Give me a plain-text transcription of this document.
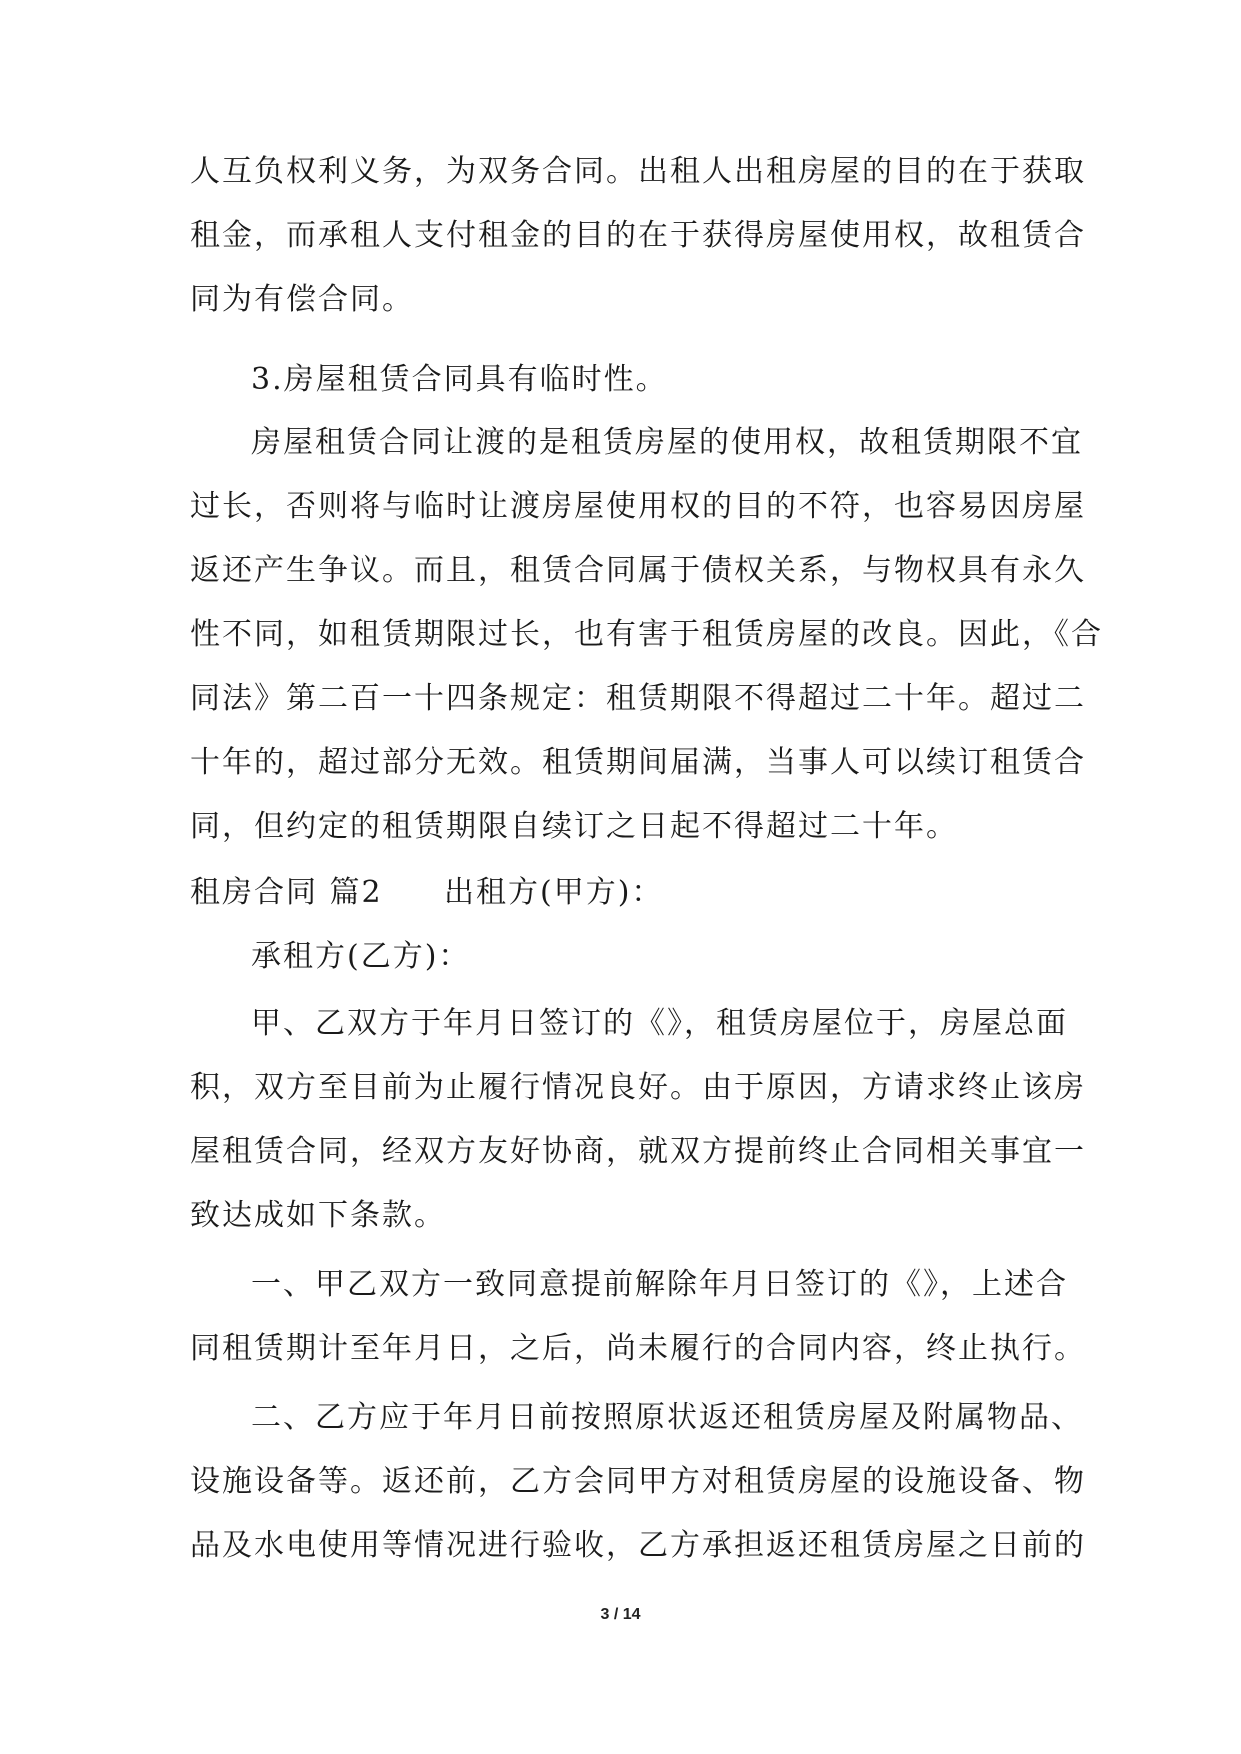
人互负权利义务，为双务合同。出租人出租房屋的目的在于获取
租金，而承租人支付租金的目的在于获得房屋使用权，故租赁合
同为有偿合同。
3.房屋租赁合同具有临时性。
房屋租赁合同让渡的是租赁房屋的使用权，故租赁期限不宜
过长，否则将与临时让渡房屋使用权的目的不符，也容易因房屋
返还产生争议。而且，租赁合同属于债权关系，与物权具有永久
性不同，如租赁期限过长，也有害于租赁房屋的改良。因此，《合
同法》第二百一十四条规定：租赁期限不得超过二十年。超过二
十年的，超过部分无效。租赁期间届满，当事人可以续订租赁合
同，但约定的租赁期限自续订之日起不得超过二十年。
租房合同 篇2 出租方(甲方)：
承租方(乙方)：
甲、乙双方于年月日签订的《》，租赁房屋位于，房屋总面
积，双方至目前为止履行情况良好。由于原因，方请求终止该房
屋租赁合同，经双方友好协商，就双方提前终止合同相关事宜一
致达成如下条款。
一、甲乙双方一致同意提前解除年月日签订的《》，上述合
同租赁期计至年月日，之后，尚未履行的合同内容，终止执行。
二、乙方应于年月日前按照原状返还租赁房屋及附属物品、
设施设备等。返还前，乙方会同甲方对租赁房屋的设施设备、物
品及水电使用等情况进行验收，乙方承担返还租赁房屋之日前的
3 / 14
